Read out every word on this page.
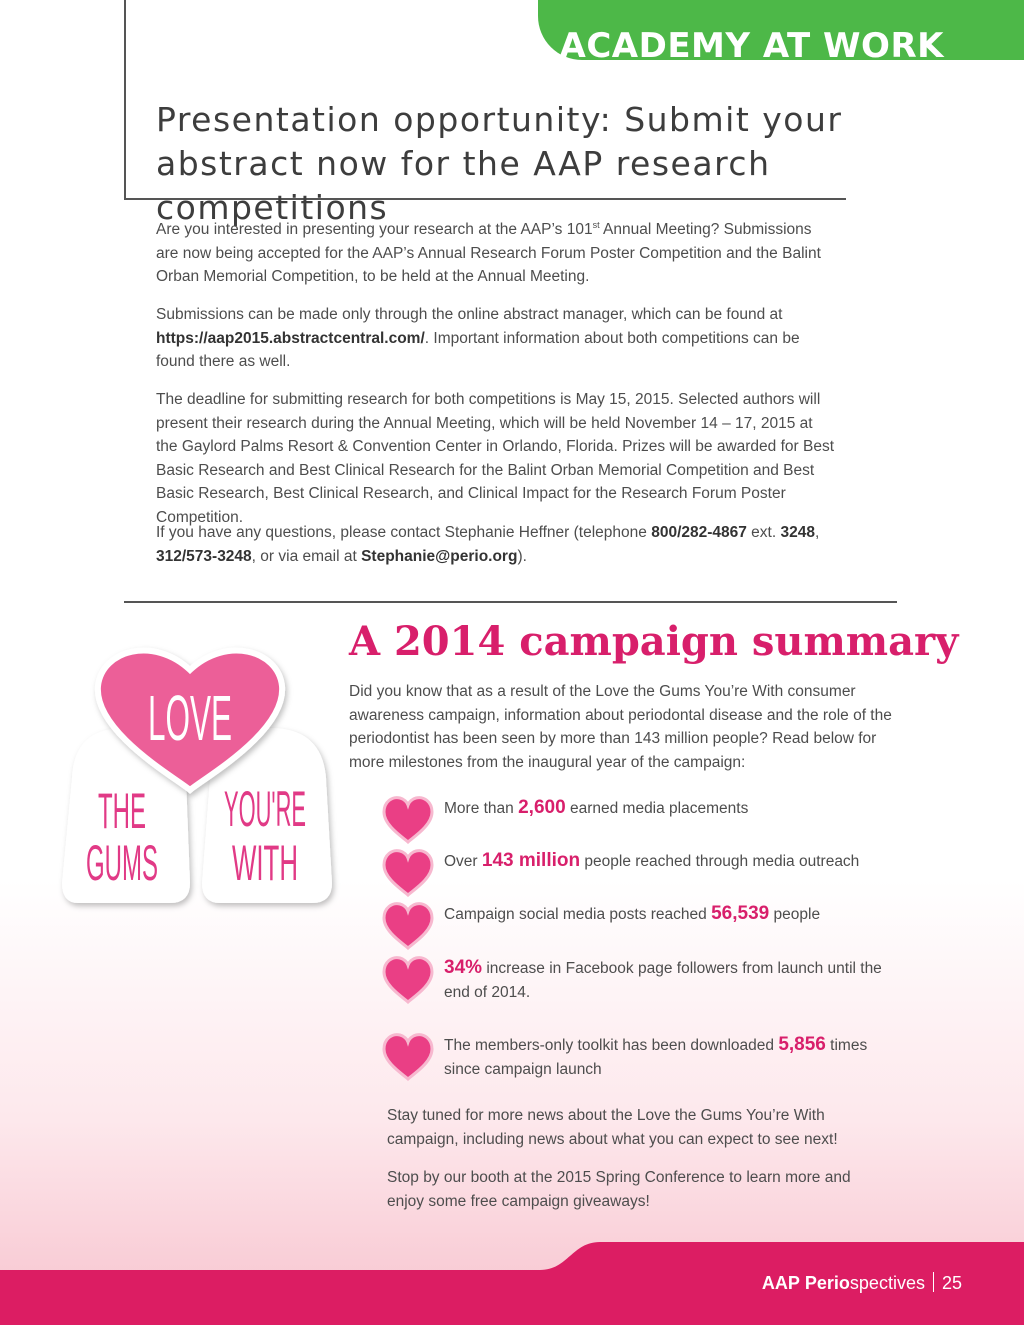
ACADEMY AT WORK
Presentation opportunity: Submit your abstract now for the AAP research competitions

Are you interested in presenting your research at the AAP’s 101st Annual Meeting? Submissions are now being accepted for the AAP’s Annual Research Forum Poster Competition and the Balint Orban Memorial Competition, to be held at the Annual Meeting.

Submissions can be made only through the online abstract manager, which can be found at https://aap2015.abstractcentral.com/. Important information about both competitions can be found there as well.

The deadline for submitting research for both competitions is May 15, 2015. Selected authors will present their research during the Annual Meeting, which will be held November 14 – 17, 2015 at the Gaylord Palms Resort & Convention Center in Orlando, Florida. Prizes will be awarded for Best Basic Research and Best Clinical Research for the Balint Orban Memorial Competition and Best Basic Research, Best Clinical Research, and Clinical Impact for the Research Forum Poster Competition.

If you have any questions, please contact Stephanie Heffner (telephone 800/282-4867 ext. 3248,
312/573-3248, or via email at Stephanie@perio.org).

LOVE
THE
GUMS
YOU'RE
WITH
A 2014 campaign summary

Did you know that as a result of the Love the Gums You’re With consumer awareness campaign, information about periodontal disease and the role of the periodontist has been seen by more than 143 million people? Read below for more milestones from the inaugural year of the campaign:

More than 2,600 earned media placements

Over 143 million people reached through media outreach

Campaign social media posts reached 56,539 people

34% increase in Facebook page followers from launch until the end of 2014.

The members-only toolkit has been downloaded 5,856 times since campaign launch

Stay tuned for more news about the Love the Gums You’re With campaign, including news about what you can expect to see next!

Stop by our booth at the 2015 Spring Conference to learn more and enjoy some free campaign giveaways!

AAP Periospectives 25
